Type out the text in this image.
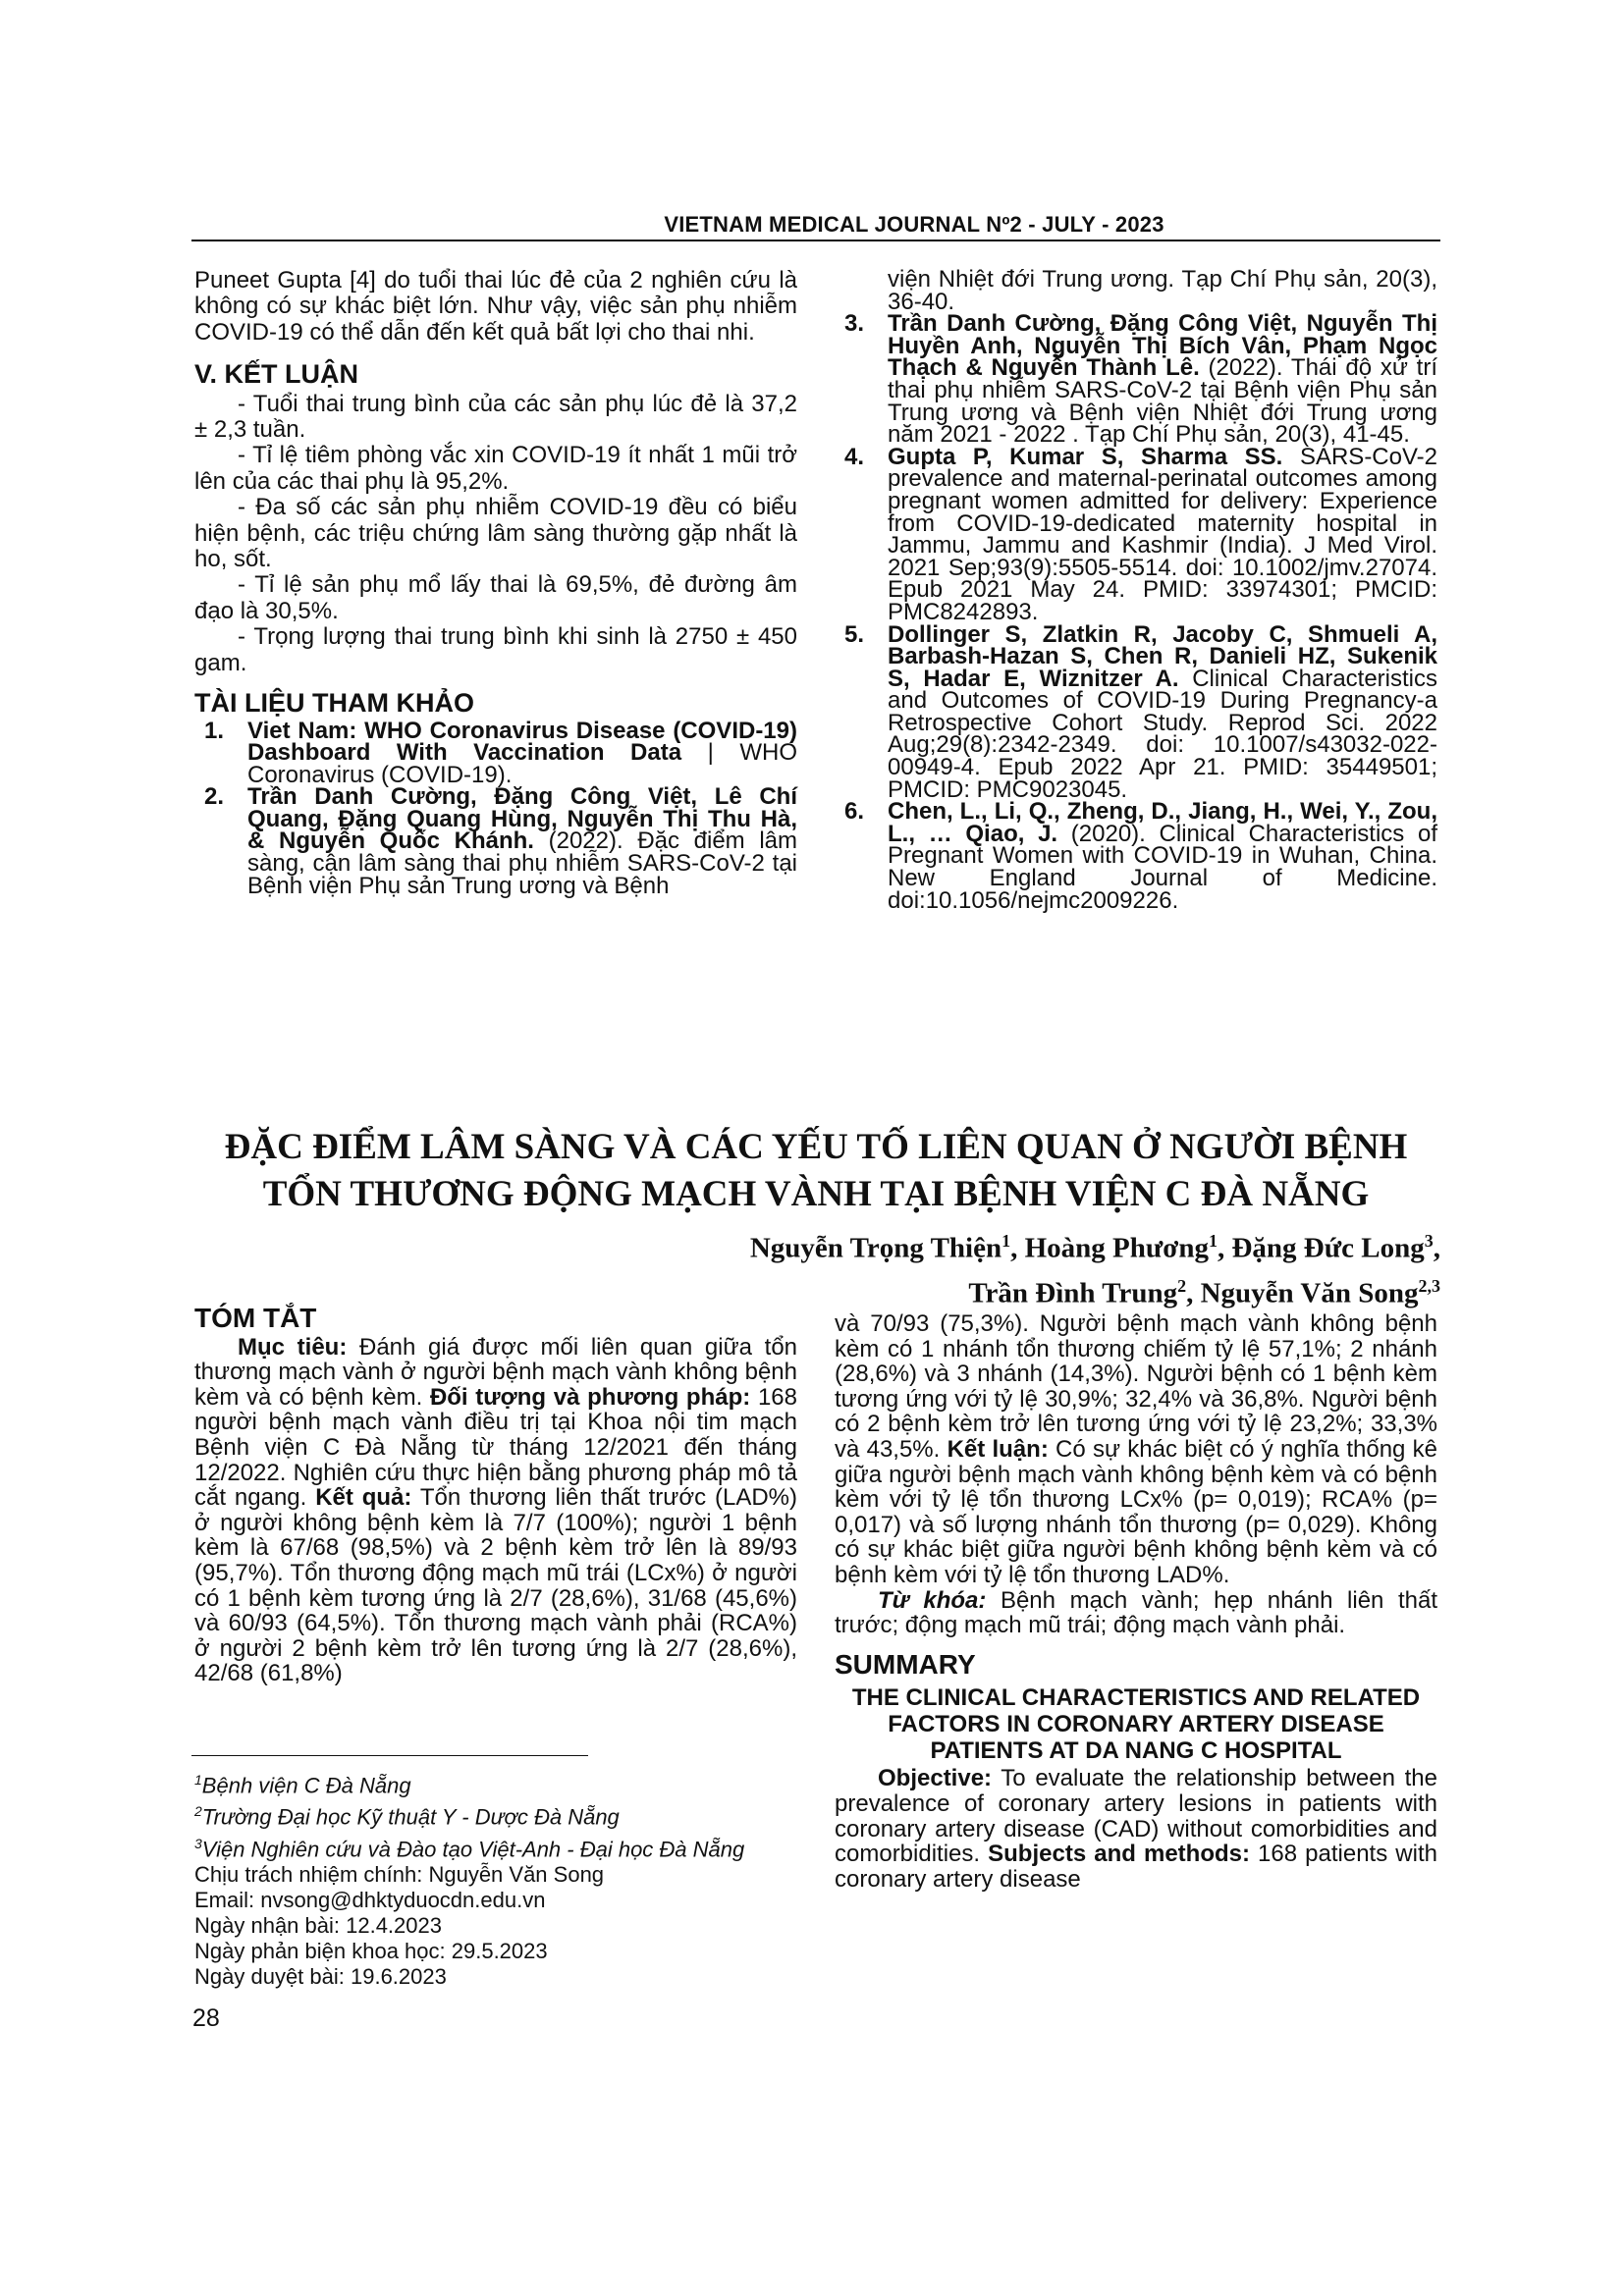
VIETNAM MEDICAL JOURNAL Nº2 - JULY - 2023

Puneet Gupta [4] do tuổi thai lúc đẻ của 2 nghiên cứu là không có sự khác biệt lớn. Như vậy, việc sản phụ nhiễm COVID-19 có thể dẫn đến kết quả bất lợi cho thai nhi.

V. KẾT LUẬN

- Tuổi thai trung bình của các sản phụ lúc đẻ là 37,2 ± 2,3 tuần.

- Tỉ lệ tiêm phòng vắc xin COVID-19 ít nhất 1 mũi trở lên của các thai phụ là 95,2%.

- Đa số các sản phụ nhiễm COVID-19 đều có biểu hiện bệnh, các triệu chứng lâm sàng thường gặp nhất là ho, sốt.

- Tỉ lệ sản phụ mổ lấy thai là 69,5%, đẻ đường âm đạo là 30,5%.

- Trọng lượng thai trung bình khi sinh là 2750 ± 450 gam.

TÀI LIỆU THAM KHẢO
1. Viet Nam: WHO Coronavirus Disease (COVID-19) Dashboard With Vaccination Data | WHO Coronavirus (COVID-19).
2. Trần Danh Cường, Đặng Công Việt, Lê Chí Quang, Đặng Quang Hùng, Nguyễn Thị Thu Hà, & Nguyễn Quốc Khánh. (2022). Đặc điểm lâm sàng, cận lâm sàng thai phụ nhiễm SARS-CoV-2 tại Bệnh viện Phụ sản Trung ương và Bệnh
viện Nhiệt đới Trung ương. Tạp Chí Phụ sản, 20(3), 36-40.
3. Trần Danh Cường, Đặng Công Việt, Nguyễn Thị Huyền Anh, Nguyễn Thị Bích Vân, Phạm Ngọc Thạch & Nguyễn Thành Lê. (2022). Thái độ xử trí thai phụ nhiễm SARS-CoV-2 tại Bệnh viện Phụ sản Trung ương và Bệnh viện Nhiệt đới Trung ương năm 2021 - 2022 . Tạp Chí Phụ sản, 20(3), 41-45.
4. Gupta P, Kumar S, Sharma SS. SARS-CoV-2 prevalence and maternal-perinatal outcomes among pregnant women admitted for delivery: Experience from COVID-19-dedicated maternity hospital in Jammu, Jammu and Kashmir (India). J Med Virol. 2021 Sep;93(9):5505-5514. doi: 10.1002/jmv.27074. Epub 2021 May 24. PMID: 33974301; PMCID: PMC8242893.
5. Dollinger S, Zlatkin R, Jacoby C, Shmueli A, Barbash-Hazan S, Chen R, Danieli HZ, Sukenik S, Hadar E, Wiznitzer A. Clinical Characteristics and Outcomes of COVID-19 During Pregnancy-a Retrospective Cohort Study. Reprod Sci. 2022 Aug;29(8):2342-2349. doi: 10.1007/s43032-022-00949-4. Epub 2022 Apr 21. PMID: 35449501; PMCID: PMC9023045.
6. Chen, L., Li, Q., Zheng, D., Jiang, H., Wei, Y., Zou, L., … Qiao, J. (2020). Clinical Characteristics of Pregnant Women with COVID-19 in Wuhan, China. New England Journal of Medicine. doi:10.1056/nejmc2009226.
ĐẶC ĐIỂM LÂM SÀNG VÀ CÁC YẾU TỐ LIÊN QUAN Ở NGƯỜI BỆNH
TỔN THƯƠNG ĐỘNG MẠCH VÀNH TẠI BỆNH VIỆN C ĐÀ NẴNG
Nguyễn Trọng Thiện$^1$, Hoàng Phương$^1$, Đặng Đức Long$^3$,
Trần Đình Trung$^2$, Nguyễn Văn Song$^{2,3}$
TÓM TẮT

Mục tiêu: Đánh giá được mối liên quan giữa tổn thương mạch vành ở người bệnh mạch vành không bệnh kèm và có bệnh kèm. Đối tượng và phương pháp: 168 người bệnh mạch vành điều trị tại Khoa nội tim mạch Bệnh viện C Đà Nẵng từ tháng 12/2021 đến tháng 12/2022. Nghiên cứu thực hiện bằng phương pháp mô tả cắt ngang. Kết quả: Tổn thương liên thất trước (LAD%) ở người không bệnh kèm là 7/7 (100%); người 1 bệnh kèm là 67/68 (98,5%) và 2 bệnh kèm trở lên là 89/93 (95,7%). Tổn thương động mạch mũ trái (LCx%) ở người có 1 bệnh kèm tương ứng là 2/7 (28,6%), 31/68 (45,6%) và 60/93 (64,5%). Tổn thương mạch vành phải (RCA%) ở người 2 bệnh kèm trở lên tương ứng là 2/7 (28,6%), 42/68 (61,8%)

$^1$Bệnh viện C Đà Nẵng

$^2$Trường Đại học Kỹ thuật Y - Dược Đà Nẵng

$^3$Viện Nghiên cứu và Đào tạo Việt-Anh - Đại học Đà Nẵng

Chịu trách nhiệm chính: Nguyễn Văn Song

Email: nvsong@dhktyduocdn.edu.vn

Ngày nhận bài: 12.4.2023

Ngày phản biện khoa học: 29.5.2023

Ngày duyệt bài: 19.6.2023

và 70/93 (75,3%). Người bệnh mạch vành không bệnh kèm có 1 nhánh tổn thương chiếm tỷ lệ 57,1%; 2 nhánh (28,6%) và 3 nhánh (14,3%). Người bệnh có 1 bệnh kèm tương ứng với tỷ lệ 30,9%; 32,4% và 36,8%. Người bệnh có 2 bệnh kèm trở lên tương ứng với tỷ lệ 23,2%; 33,3% và 43,5%. Kết luận: Có sự khác biệt có ý nghĩa thống kê giữa người bệnh mạch vành không bệnh kèm và có bệnh kèm với tỷ lệ tổn thương LCx% (p= 0,019); RCA% (p= 0,017) và số lượng nhánh tổn thương (p= 0,029). Không có sự khác biệt giữa người bệnh không bệnh kèm và có bệnh kèm với tỷ lệ tổn thương LAD%.

Từ khóa: Bệnh mạch vành; hẹp nhánh liên thất trước; động mạch mũ trái; động mạch vành phải.

SUMMARY
THE CLINICAL CHARACTERISTICS AND RELATED FACTORS IN CORONARY ARTERY DISEASE PATIENTS AT DA NANG C HOSPITAL

Objective: To evaluate the relationship between the prevalence of coronary artery lesions in patients with coronary artery disease (CAD) without comorbidities and comorbidities. Subjects and methods: 168 patients with coronary artery disease

28
